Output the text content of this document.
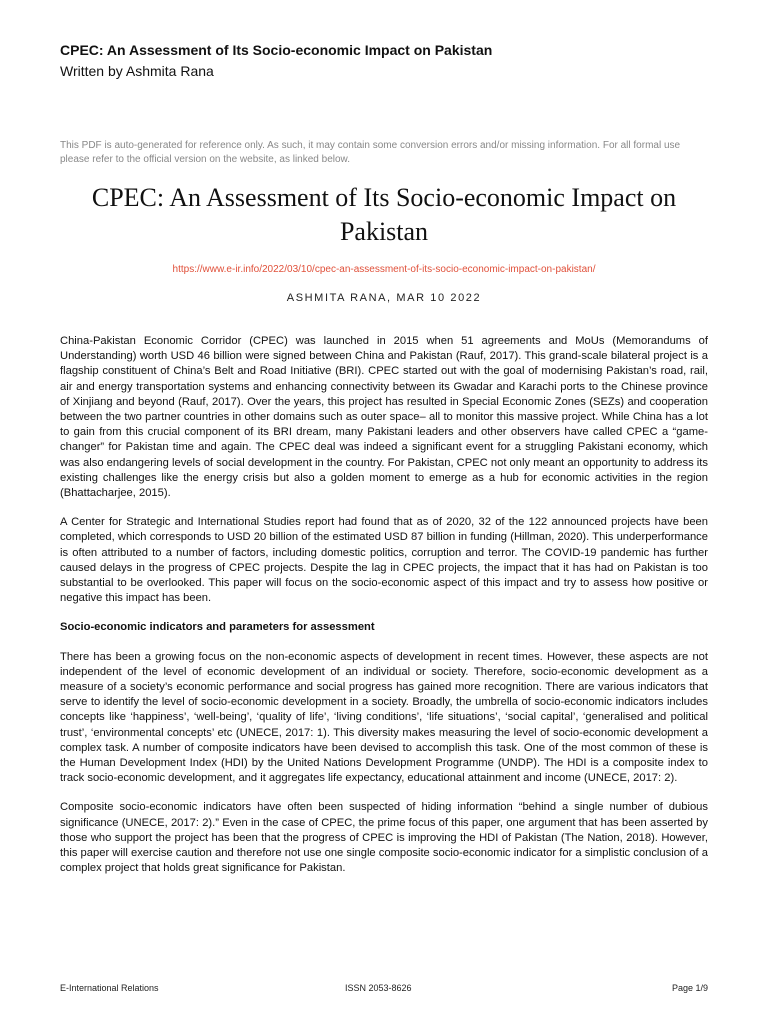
CPEC: An Assessment of Its Socio-economic Impact on Pakistan
Written by Ashmita Rana
This PDF is auto-generated for reference only. As such, it may contain some conversion errors and/or missing information. For all formal use please refer to the official version on the website, as linked below.
CPEC: An Assessment of Its Socio-economic Impact on Pakistan
https://www.e-ir.info/2022/03/10/cpec-an-assessment-of-its-socio-economic-impact-on-pakistan/
ASHMITA RANA, MAR 10 2022

China-Pakistan Economic Corridor (CPEC) was launched in 2015 when 51 agreements and MoUs (Memorandums of Understanding) worth USD 46 billion were signed between China and Pakistan (Rauf, 2017). This grand-scale bilateral project is a flagship constituent of China’s Belt and Road Initiative (BRI). CPEC started out with the goal of modernising Pakistan’s road, rail, air and energy transportation systems and enhancing connectivity between its Gwadar and Karachi ports to the Chinese province of Xinjiang and beyond (Rauf, 2017). Over the years, this project has resulted in Special Economic Zones (SEZs) and cooperation between the two partner countries in other domains such as outer space– all to monitor this massive project. While China has a lot to gain from this crucial component of its BRI dream, many Pakistani leaders and other observers have called CPEC a “game-changer” for Pakistan time and again. The CPEC deal was indeed a significant event for a struggling Pakistani economy, which was also endangering levels of social development in the country. For Pakistan, CPEC not only meant an opportunity to address its existing challenges like the energy crisis but also a golden moment to emerge as a hub for economic activities in the region (Bhattacharjee, 2015).

A Center for Strategic and International Studies report had found that as of 2020, 32 of the 122 announced projects have been completed, which corresponds to USD 20 billion of the estimated USD 87 billion in funding (Hillman, 2020). This underperformance is often attributed to a number of factors, including domestic politics, corruption and terror. The COVID-19 pandemic has further caused delays in the progress of CPEC projects. Despite the lag in CPEC projects, the impact that it has had on Pakistan is too substantial to be overlooked. This paper will focus on the socio-economic aspect of this impact and try to assess how positive or negative this impact has been.

Socio-economic indicators and parameters for assessment

There has been a growing focus on the non-economic aspects of development in recent times. However, these aspects are not independent of the level of economic development of an individual or society. Therefore, socio-economic development as a measure of a society’s economic performance and social progress has gained more recognition. There are various indicators that serve to identify the level of socio-economic development in a society. Broadly, the umbrella of socio-economic indicators includes concepts like ‘happiness’, ‘well-being’, ‘quality of life’, ‘living conditions’, ‘life situations’, ‘social capital’, ‘generalised and political trust’, ‘environmental concepts’ etc (UNECE, 2017: 1). This diversity makes measuring the level of socio-economic development a complex task. A number of composite indicators have been devised to accomplish this task. One of the most common of these is the Human Development Index (HDI) by the United Nations Development Programme (UNDP). The HDI is a composite index to track socio-economic development, and it aggregates life expectancy, educational attainment and income (UNECE, 2017: 2).

Composite socio-economic indicators have often been suspected of hiding information “behind a single number of dubious significance (UNECE, 2017: 2).” Even in the case of CPEC, the prime focus of this paper, one argument that has been asserted by those who support the project has been that the progress of CPEC is improving the HDI of Pakistan (The Nation, 2018). However, this paper will exercise caution and therefore not use one single composite socio-economic indicator for a simplistic conclusion of a complex project that holds great significance for Pakistan.

E-International Relations	ISSN 2053-8626	Page 1/9
